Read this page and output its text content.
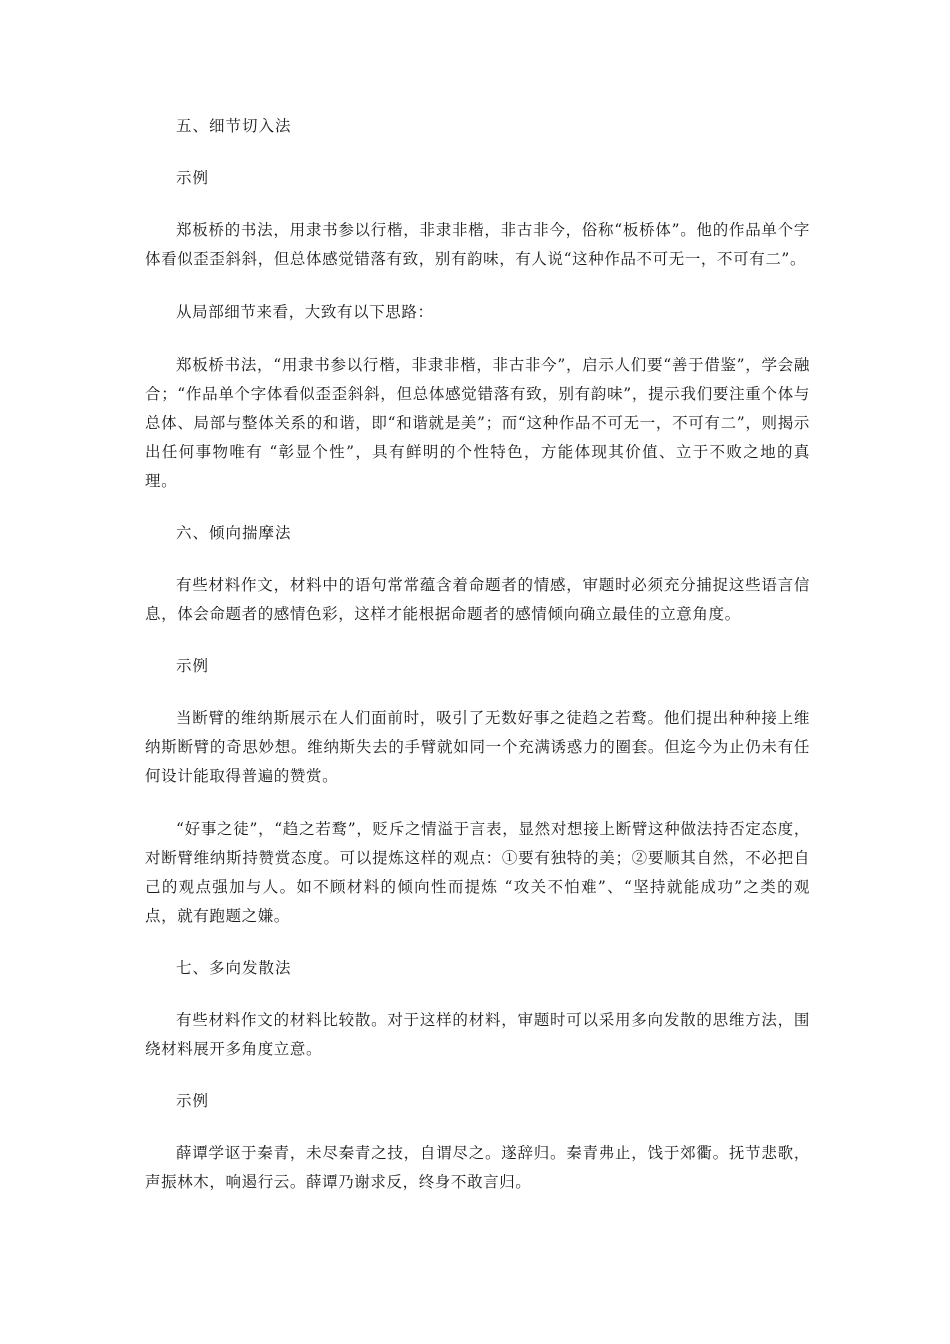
五、细节切入法

示例

郑板桥的书法，用隶书参以行楷，非隶非楷，非古非今，俗称“板桥体”。他的作品单个字体看似歪歪斜斜，但总体感觉错落有致，别有韵味，有人说“这种作品不可无一，不可有二”。

从局部细节来看，大致有以下思路：

郑板桥书法，“用隶书参以行楷，非隶非楷，非古非今”，启示人们要“善于借鉴”，学会融合；“作品单个字体看似歪歪斜斜，但总体感觉错落有致，别有韵味”，提示我们要注重个体与总体、局部与整体关系的和谐，即“和谐就是美”；而“这种作品不可无一，不可有二”，则揭示出任何事物唯有 “彰显个性”，具有鲜明的个性特色，方能体现其价值、立于不败之地的真理。

六、倾向揣摩法

有些材料作文，材料中的语句常常蕴含着命题者的情感，审题时必须充分捕捉这些语言信息，体会命题者的感情色彩，这样才能根据命题者的感情倾向确立最佳的立意角度。

示例

当断臂的维纳斯展示在人们面前时，吸引了无数好事之徒趋之若鹜。他们提出种种接上维纳斯断臂的奇思妙想。维纳斯失去的手臂就如同一个充满诱惑力的圈套。但迄今为止仍未有任何设计能取得普遍的赞赏。

“好事之徒”，“趋之若鹜”，贬斥之情溢于言表，显然对想接上断臂这种做法持否定态度，对断臂维纳斯持赞赏态度。可以提炼这样的观点：①要有独特的美；②要顺其自然，不必把自己的观点强加与人。如不顾材料的倾向性而提炼 “攻关不怕难”、“坚持就能成功”之类的观点，就有跑题之嫌。

七、多向发散法

有些材料作文的材料比较散。对于这样的材料，审题时可以采用多向发散的思维方法，围绕材料展开多角度立意。

示例

薛谭学讴于秦青，未尽秦青之技，自谓尽之。遂辞归。秦青弗止，饯于郊衢。抚节悲歌，声振林木，响遏行云。薛谭乃谢求反，终身不敢言归。
